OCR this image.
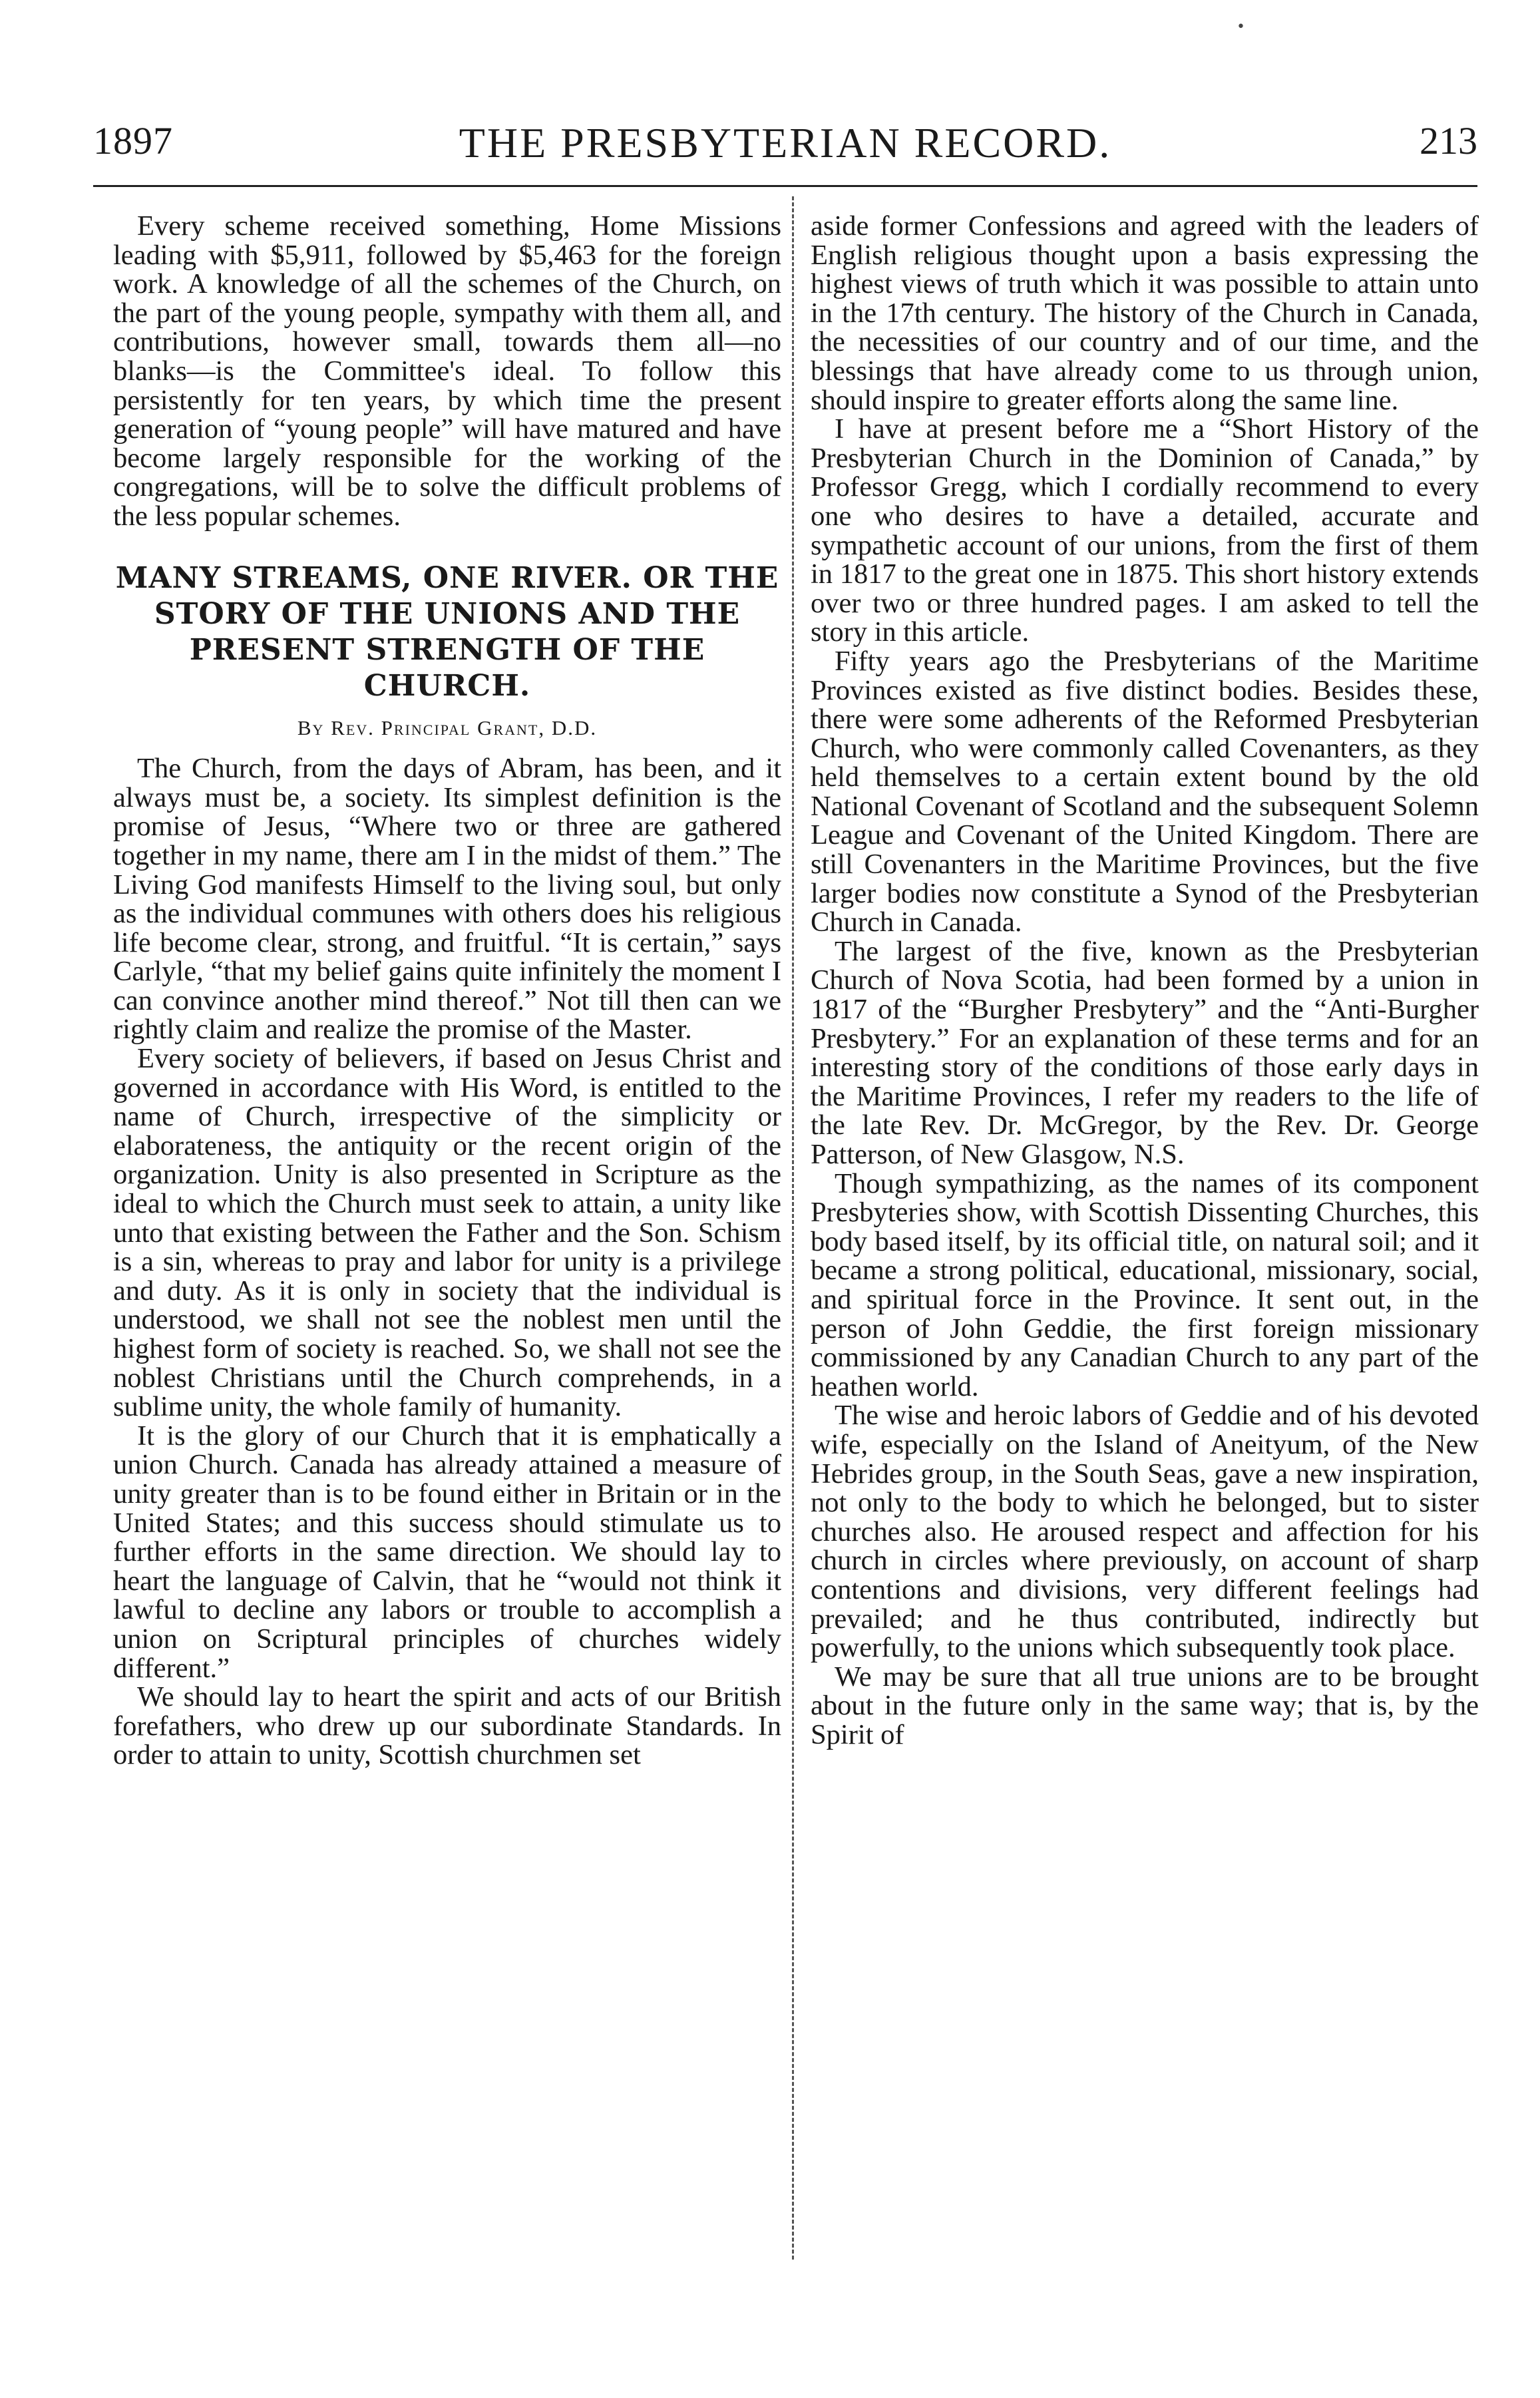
•
1897	THE PRESBYTERIAN RECORD.	213

Every scheme received something, Home Missions leading with $5,911, followed by $5,463 for the foreign work. A knowledge of all the schemes of the Church, on the part of the young people, sympathy with them all, and contributions, however small, towards them all—no blanks—is the Committee's ideal. To follow this persistently for ten years, by which time the present generation of “young people” will have matured and have become largely responsible for the working of the congregations, will be to solve the difficult problems of the less popular schemes.

MANY STREAMS, ONE RIVER. OR THE STORY OF THE UNIONS AND THE PRESENT STRENGTH OF THE CHURCH.
By Rev. Principal Grant, D.D.

The Church, from the days of Abram, has been, and it always must be, a society. Its simplest definition is the promise of Jesus, “Where two or three are gathered together in my name, there am I in the midst of them.” The Living God manifests Himself to the living soul, but only as the individual communes with others does his religious life become clear, strong, and fruitful. “It is certain,” says Carlyle, “that my belief gains quite infinitely the moment I can convince another mind thereof.” Not till then can we rightly claim and realize the promise of the Master.

Every society of believers, if based on Jesus Christ and governed in accordance with His Word, is entitled to the name of Church, irrespective of the simplicity or elaborateness, the antiquity or the recent origin of the organization. Unity is also presented in Scripture as the ideal to which the Church must seek to attain, a unity like unto that existing between the Father and the Son. Schism is a sin, whereas to pray and labor for unity is a privilege and duty. As it is only in society that the individual is understood, we shall not see the noblest men until the highest form of society is reached. So, we shall not see the noblest Christians until the Church comprehends, in a sublime unity, the whole family of humanity.

It is the glory of our Church that it is emphatically a union Church. Canada has already attained a measure of unity greater than is to be found either in Britain or in the United States; and this success should stimulate us to further efforts in the same direction. We should lay to heart the language of Calvin, that he “would not think it lawful to decline any labors or trouble to accomplish a union on Scriptural principles of churches widely different.”

We should lay to heart the spirit and acts of our British forefathers, who drew up our subordinate Standards. In order to attain to unity, Scottish churchmen set

aside former Confessions and agreed with the leaders of English religious thought upon a basis expressing the highest views of truth which it was possible to attain unto in the 17th century. The history of the Church in Canada, the necessities of our country and of our time, and the blessings that have already come to us through union, should inspire to greater efforts along the same line.

I have at present before me a “Short History of the Presbyterian Church in the Dominion of Canada,” by Professor Gregg, which I cordially recommend to every one who desires to have a detailed, accurate and sympathetic account of our unions, from the first of them in 1817 to the great one in 1875. This short history extends over two or three hundred pages. I am asked to tell the story in this article.

Fifty years ago the Presbyterians of the Maritime Provinces existed as five distinct bodies. Besides these, there were some adherents of the Reformed Presbyterian Church, who were commonly called Covenanters, as they held themselves to a certain extent bound by the old National Covenant of Scotland and the subsequent Solemn League and Covenant of the United Kingdom. There are still Covenanters in the Maritime Provinces, but the five larger bodies now constitute a Synod of the Presbyterian Church in Canada.

The largest of the five, known as the Presbyterian Church of Nova Scotia, had been formed by a union in 1817 of the “Burgher Presbytery” and the “Anti-Burgher Presbytery.” For an explanation of these terms and for an interesting story of the conditions of those early days in the Maritime Provinces, I refer my readers to the life of the late Rev. Dr. McGregor, by the Rev. Dr. George Patterson, of New Glasgow, N.S.

Though sympathizing, as the names of its component Presbyteries show, with Scottish Dissenting Churches, this body based itself, by its official title, on natural soil; and it became a strong political, educational, missionary, social, and spiritual force in the Province. It sent out, in the person of John Geddie, the first foreign missionary commissioned by any Canadian Church to any part of the heathen world.

The wise and heroic labors of Geddie and of his devoted wife, especially on the Island of Aneityum, of the New Hebrides group, in the South Seas, gave a new inspiration, not only to the body to which he belonged, but to sister churches also. He aroused respect and affection for his church in circles where previously, on account of sharp contentions and divisions, very different feelings had prevailed; and he thus contributed, indirectly but powerfully, to the unions which subsequently took place.

We may be sure that all true unions are to be brought about in the future only in the same way; that is, by the Spirit of
